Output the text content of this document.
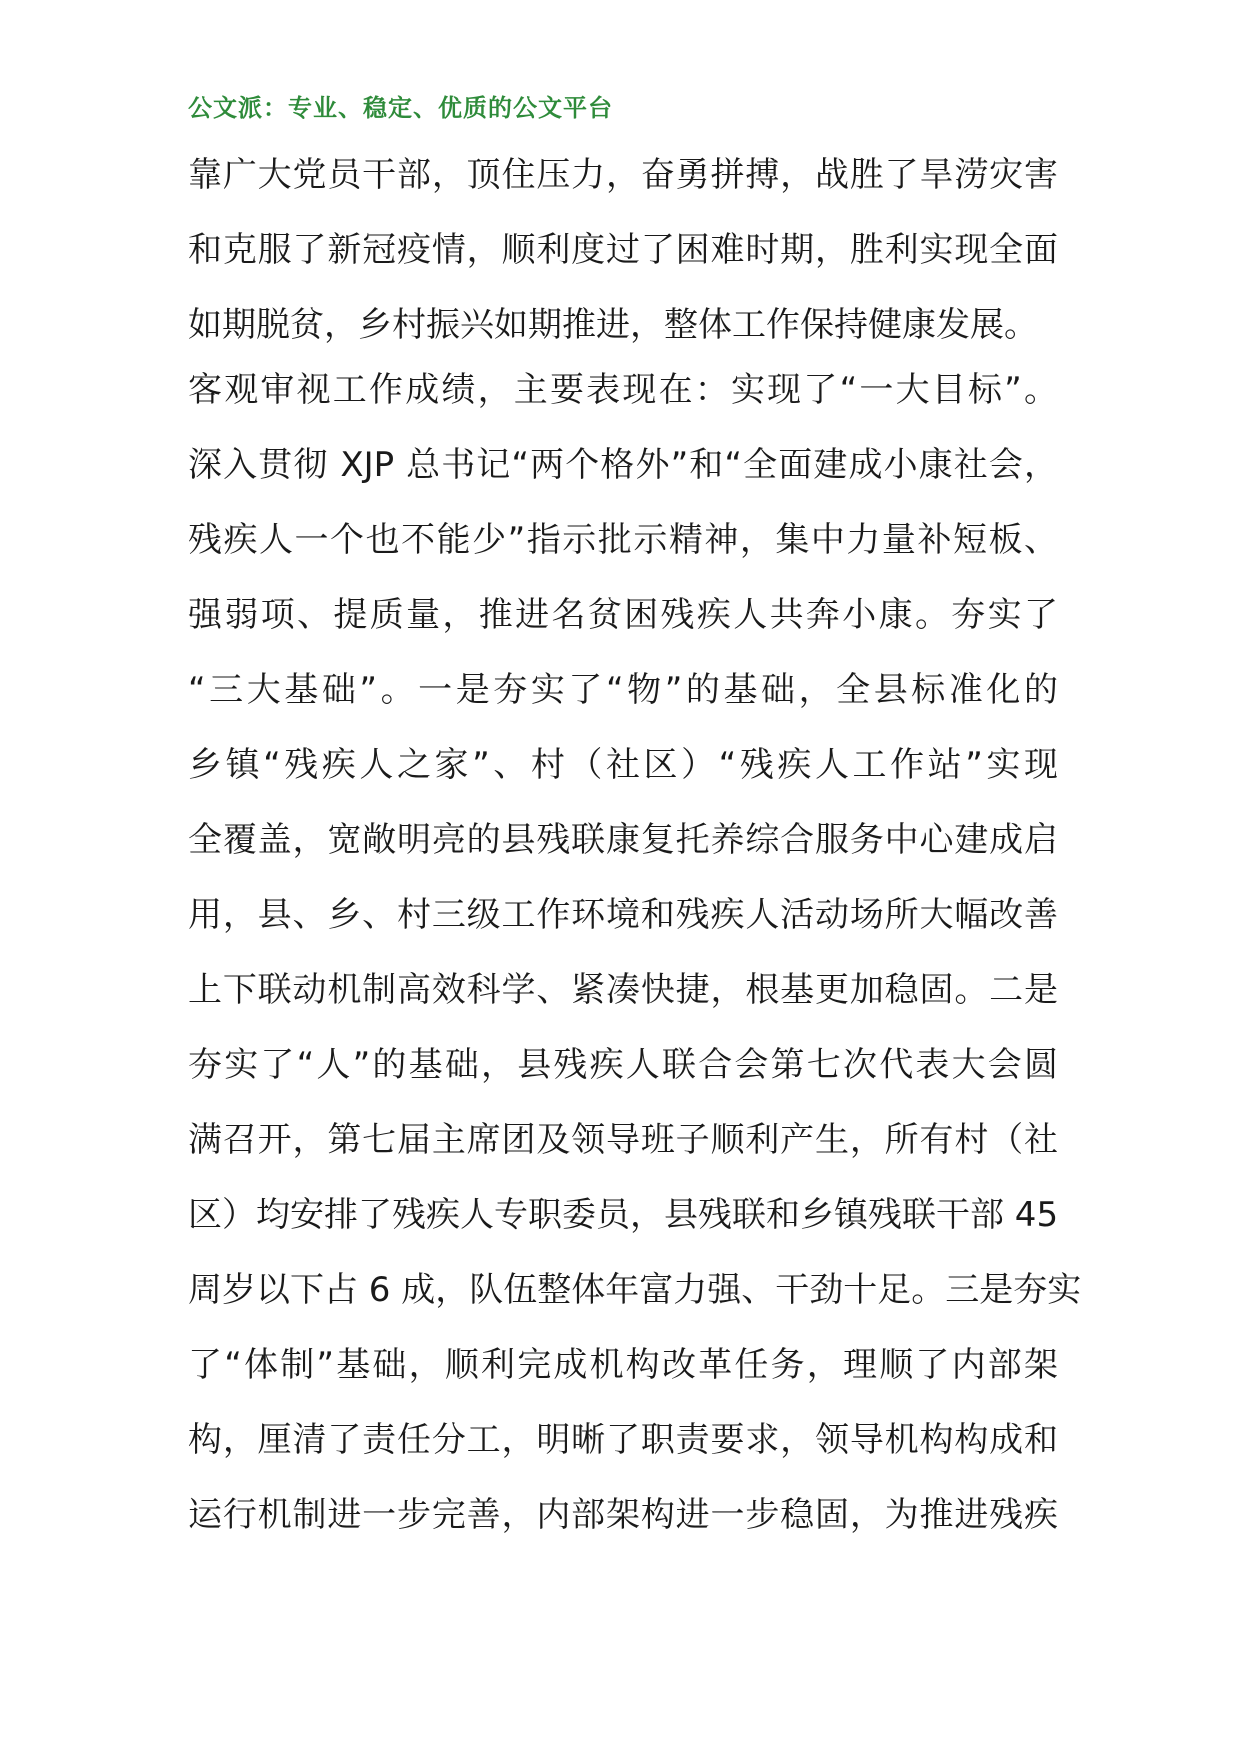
公文派：专业、稳定、优质的公文平台
靠广大党员干部，顶住压力，奋勇拼搏，战胜了旱涝灾害
和克服了新冠疫情，顺利度过了困难时期，胜利实现全面
如期脱贫，乡村振兴如期推进，整体工作保持健康发展。
客观审视工作成绩，主要表现在：实现了“一大目标”。
深入贯彻 XJP 总书记“两个格外”和“全面建成小康社会，
残疾人一个也不能少”指示批示精神，集中力量补短板、
强弱项、提质量，推进名贫困残疾人共奔小康。夯实了
“三大基础”。一是夯实了“物”的基础，全县标准化的
乡镇“残疾人之家”、村（社区）“残疾人工作站”实现
全覆盖，宽敞明亮的县残联康复托养综合服务中心建成启
用，县、乡、村三级工作环境和残疾人活动场所大幅改善
上下联动机制高效科学、紧凑快捷，根基更加稳固。二是
夯实了“人”的基础，县残疾人联合会第七次代表大会圆
满召开，第七届主席团及领导班子顺利产生，所有村（社
区）均安排了残疾人专职委员，县残联和乡镇残联干部 45
周岁以下占 6 成，队伍整体年富力强、干劲十足。三是夯实
了“体制”基础，顺利完成机构改革任务，理顺了内部架
构，厘清了责任分工，明晰了职责要求，领导机构构成和
运行机制进一步完善，内部架构进一步稳固，为推进残疾
